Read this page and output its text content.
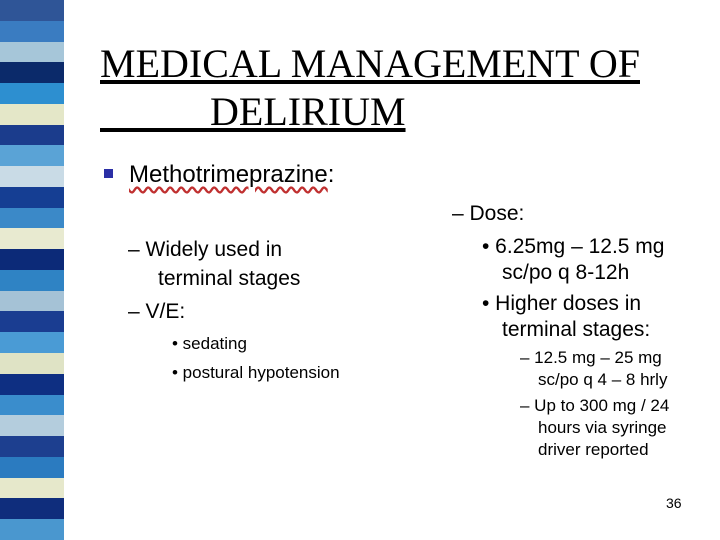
MEDICAL MANAGEMENT OF
DELIRIUM
Methotrimeprazine:
– Widely used in
terminal stages
– V/E:
• sedating
• postural hypotension
– Dose:
• 6.25mg – 12.5 mg
sc/po q 8-12h
• Higher doses in
terminal stages:
– 12.5 mg – 25 mg
sc/po q 4 – 8 hrly
– Up to 300 mg / 24
hours via syringe
driver reported
36
